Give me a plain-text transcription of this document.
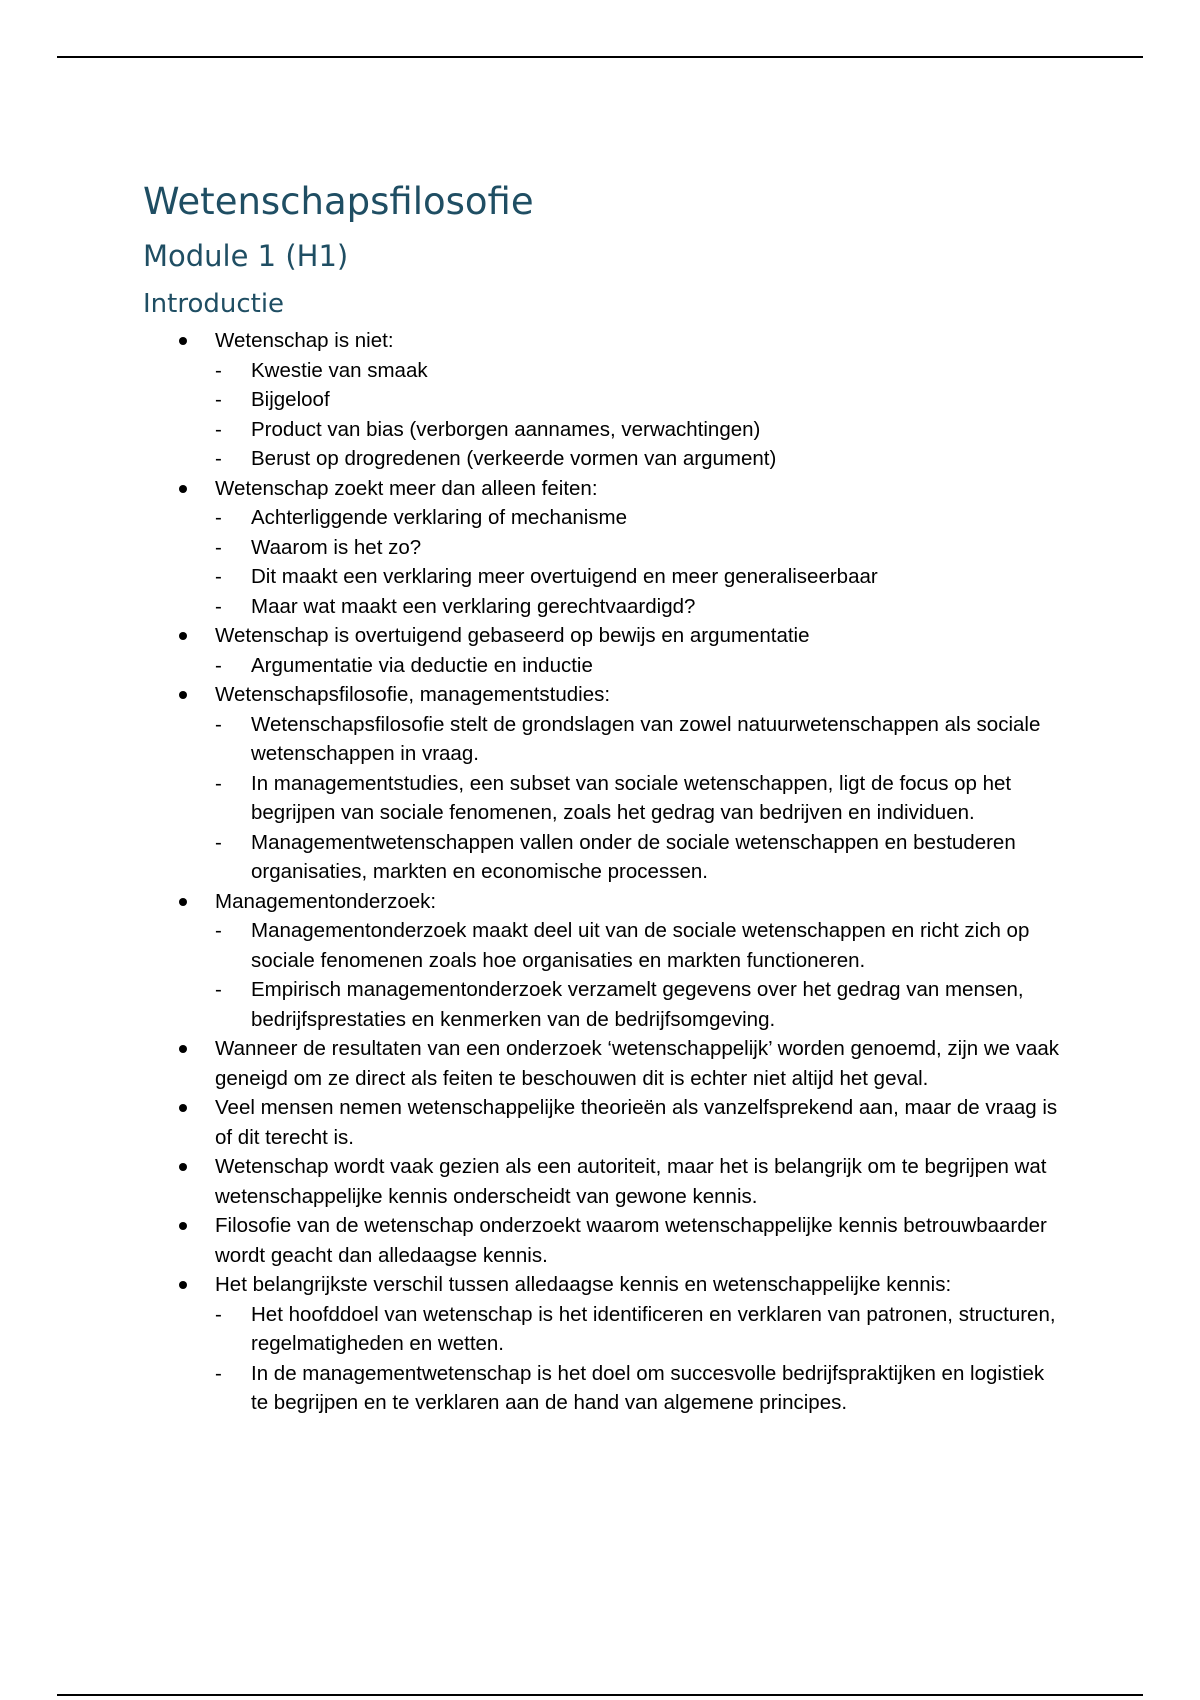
Wetenschapsfilosofie
Module 1 (H1)
Introductie
Wetenschap is niet:
-	Kwestie van smaak
-	Bijgeloof
-	Product van bias (verborgen aannames, verwachtingen)
-	Berust op drogredenen (verkeerde vormen van argument)
Wetenschap zoekt meer dan alleen feiten:
-	Achterliggende verklaring of mechanisme
-	Waarom is het zo?
-	Dit maakt een verklaring meer overtuigend en meer generaliseerbaar
-	Maar wat maakt een verklaring gerechtvaardigd?
Wetenschap is overtuigend gebaseerd op bewijs en argumentatie
-	Argumentatie via deductie en inductie
Wetenschapsfilosofie, managementstudies:
-	Wetenschapsfilosofie stelt de grondslagen van zowel natuurwetenschappen als sociale wetenschappen in vraag.
-	In managementstudies, een subset van sociale wetenschappen, ligt de focus op het begrijpen van sociale fenomenen, zoals het gedrag van bedrijven en individuen.
-	Managementwetenschappen vallen onder de sociale wetenschappen en bestuderen organisaties, markten en economische processen.
Managementonderzoek:
-	Managementonderzoek maakt deel uit van de sociale wetenschappen en richt zich op sociale fenomenen zoals hoe organisaties en markten functioneren.
-	Empirisch managementonderzoek verzamelt gegevens over het gedrag van mensen, bedrijfsprestaties en kenmerken van de bedrijfsomgeving.
Wanneer de resultaten van een onderzoek ‘wetenschappelijk’ worden genoemd, zijn we vaak geneigd om ze direct als feiten te beschouwen dit is echter niet altijd het geval.
Veel mensen nemen wetenschappelijke theorieën als vanzelfsprekend aan, maar de vraag is of dit terecht is.
Wetenschap wordt vaak gezien als een autoriteit, maar het is belangrijk om te begrijpen wat wetenschappelijke kennis onderscheidt van gewone kennis.
Filosofie van de wetenschap onderzoekt waarom wetenschappelijke kennis betrouwbaarder wordt geacht dan alledaagse kennis.
Het belangrijkste verschil tussen alledaagse kennis en wetenschappelijke kennis:
-	Het hoofddoel van wetenschap is het identificeren en verklaren van patronen, structuren, regelmatigheden en wetten.
-	In de managementwetenschap is het doel om succesvolle bedrijfspraktijken en logistiek te begrijpen en te verklaren aan de hand van algemene principes.
